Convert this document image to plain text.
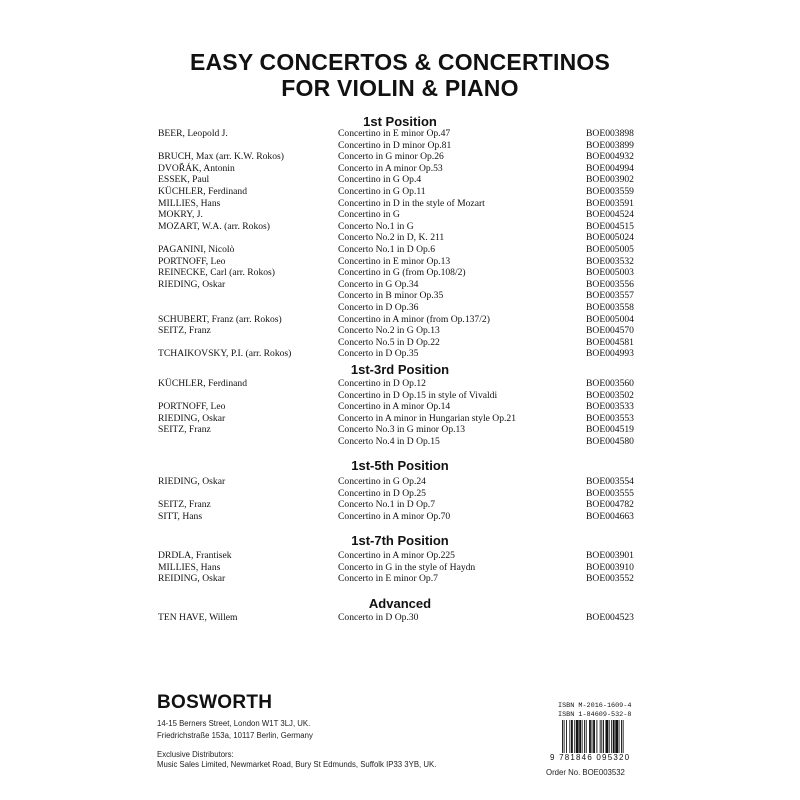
EASY CONCERTOS & CONCERTINOS
FOR VIOLIN & PIANO
1st Position
BEER, Leopold J.	Concertino in E minor Op.47	BOE003898
Concertino in D minor Op.81	BOE003899
BRUCH, Max (arr. K.W. Rokos)	Concerto in G minor Op.26	BOE004932
DVOŘÁK, Antonin	Concerto in A minor Op.53	BOE004994
ESSEK, Paul	Concertino in G Op.4	BOE003902
KÜCHLER, Ferdinand	Concertino in G Op.11	BOE003559
MILLIES, Hans	Concertino in D in the style of Mozart	BOE003591
MOKRY, J.	Concertino in G	BOE004524
MOZART, W.A. (arr. Rokos)	Concerto No.1 in G	BOE004515
Concerto No.2 in D, K. 211	BOE005024
PAGANINI, Nicolò	Concerto No.1 in D Op.6	BOE005005
PORTNOFF, Leo	Concertino in E minor Op.13	BOE003532
REINECKE, Carl (arr. Rokos)	Concertino in G (from Op.108/2)	BOE005003
RIEDING, Oskar	Concerto in G Op.34	BOE003556
Concerto in B minor Op.35	BOE003557
Concerto in D Op.36	BOE003558
SCHUBERT, Franz (arr. Rokos)	Concertino in A minor (from Op.137/2)	BOE005004
SEITZ, Franz	Concerto No.2 in G Op.13	BOE004570
Concerto No.5 in D Op.22	BOE004581
TCHAIKOVSKY, P.I. (arr. Rokos)	Concerto in D Op.35	BOE004993
1st-3rd Position
KÜCHLER, Ferdinand	Concertino in D Op.12	BOE003560
Concertino in D Op.15 in style of Vivaldi	BOE003502
PORTNOFF, Leo	Concertino in A minor Op.14	BOE003533
RIEDING, Oskar	Concerto in A minor in Hungarian style Op.21	BOE003553
SEITZ, Franz	Concerto No.3 in G minor Op.13	BOE004519
Concerto No.4 in D Op.15	BOE004580
1st-5th Position
RIEDING, Oskar	Concertino in G Op.24	BOE003554
Concertino in D Op.25	BOE003555
SEITZ, Franz	Concerto No.1 in D Op.7	BOE004782
SITT, Hans	Concertino in A minor Op.70	BOE004663
1st-7th Position
DRDLA, Frantisek	Concertino in A minor Op.225	BOE003901
MILLIES, Hans	Concerto in G in the style of Haydn	BOE003910
REIDING, Oskar	Concerto in E minor Op.7	BOE003552
Advanced
TEN HAVE, Willem	Concerto in D Op.30	BOE004523
BOSWORTH
14-15 Berners Street, London W1T 3LJ, UK.
Friedrichstraße 153a, 10117 Berlin, Germany
Exclusive Distributors:
Music Sales Limited, Newmarket Road, Bury St Edmunds, Suffolk IP33 3YB, UK.
ISBN M-2016-1609-4
ISBN 1-84609-532-8
9 781846 095320
Order No. BOE003532
